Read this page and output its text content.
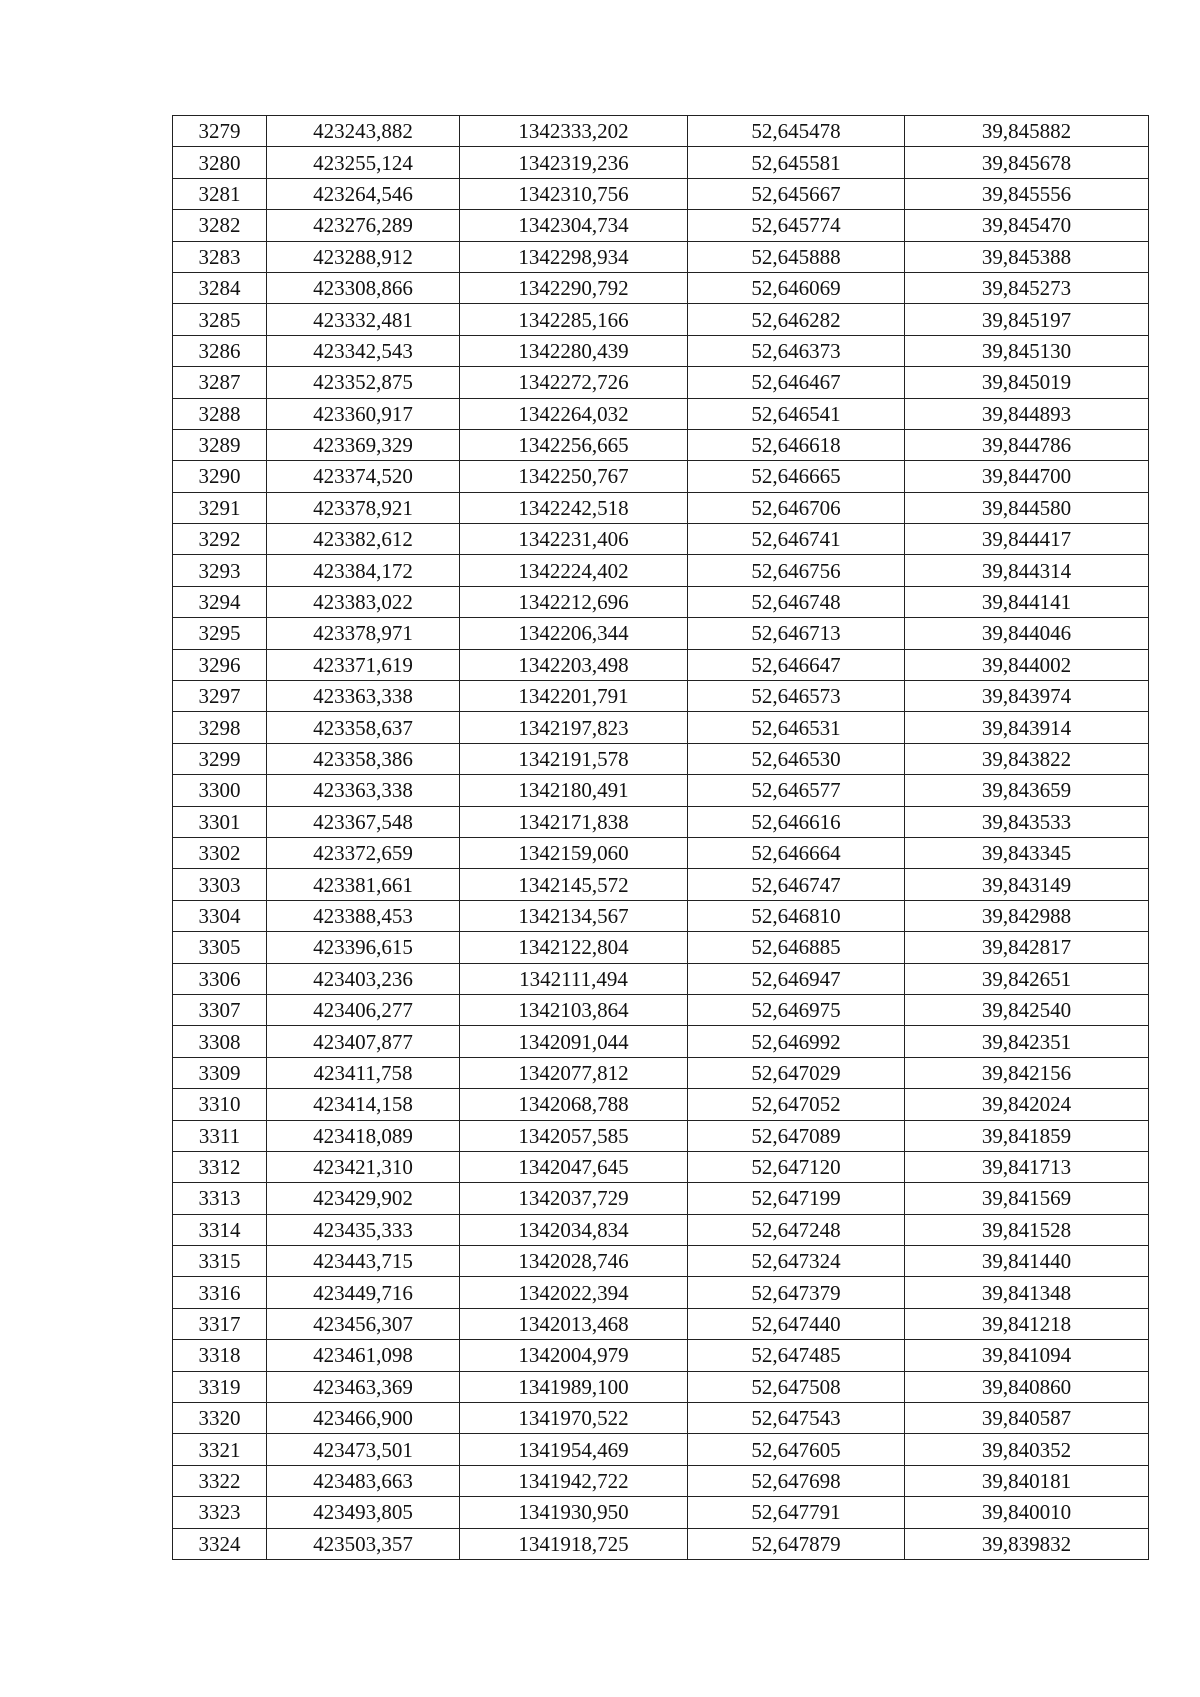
3279	423243,882	1342333,202	52,645478	39,845882
3280	423255,124	1342319,236	52,645581	39,845678
3281	423264,546	1342310,756	52,645667	39,845556
3282	423276,289	1342304,734	52,645774	39,845470
3283	423288,912	1342298,934	52,645888	39,845388
3284	423308,866	1342290,792	52,646069	39,845273
3285	423332,481	1342285,166	52,646282	39,845197
3286	423342,543	1342280,439	52,646373	39,845130
3287	423352,875	1342272,726	52,646467	39,845019
3288	423360,917	1342264,032	52,646541	39,844893
3289	423369,329	1342256,665	52,646618	39,844786
3290	423374,520	1342250,767	52,646665	39,844700
3291	423378,921	1342242,518	52,646706	39,844580
3292	423382,612	1342231,406	52,646741	39,844417
3293	423384,172	1342224,402	52,646756	39,844314
3294	423383,022	1342212,696	52,646748	39,844141
3295	423378,971	1342206,344	52,646713	39,844046
3296	423371,619	1342203,498	52,646647	39,844002
3297	423363,338	1342201,791	52,646573	39,843974
3298	423358,637	1342197,823	52,646531	39,843914
3299	423358,386	1342191,578	52,646530	39,843822
3300	423363,338	1342180,491	52,646577	39,843659
3301	423367,548	1342171,838	52,646616	39,843533
3302	423372,659	1342159,060	52,646664	39,843345
3303	423381,661	1342145,572	52,646747	39,843149
3304	423388,453	1342134,567	52,646810	39,842988
3305	423396,615	1342122,804	52,646885	39,842817
3306	423403,236	1342111,494	52,646947	39,842651
3307	423406,277	1342103,864	52,646975	39,842540
3308	423407,877	1342091,044	52,646992	39,842351
3309	423411,758	1342077,812	52,647029	39,842156
3310	423414,158	1342068,788	52,647052	39,842024
3311	423418,089	1342057,585	52,647089	39,841859
3312	423421,310	1342047,645	52,647120	39,841713
3313	423429,902	1342037,729	52,647199	39,841569
3314	423435,333	1342034,834	52,647248	39,841528
3315	423443,715	1342028,746	52,647324	39,841440
3316	423449,716	1342022,394	52,647379	39,841348
3317	423456,307	1342013,468	52,647440	39,841218
3318	423461,098	1342004,979	52,647485	39,841094
3319	423463,369	1341989,100	52,647508	39,840860
3320	423466,900	1341970,522	52,647543	39,840587
3321	423473,501	1341954,469	52,647605	39,840352
3322	423483,663	1341942,722	52,647698	39,840181
3323	423493,805	1341930,950	52,647791	39,840010
3324	423503,357	1341918,725	52,647879	39,839832
